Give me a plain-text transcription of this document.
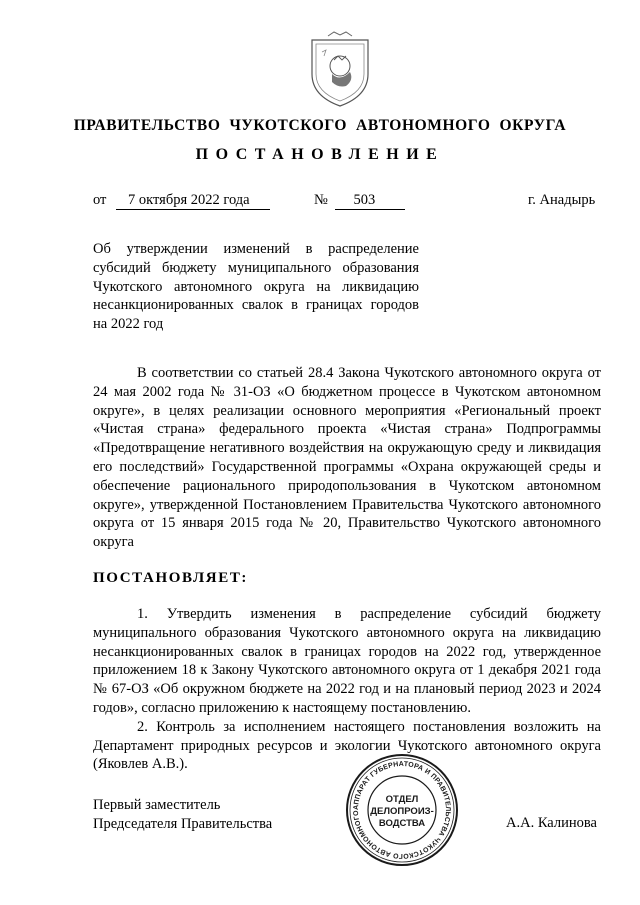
ПРАВИТЕЛЬСТВО  ЧУКОТСКОГО  АВТОНОМНОГО  ОКРУГА
ПОСТАНОВЛЕНИЕ
от 7 октября 2022 года	№ 503	г. Анадырь
Об утверждении изменений в распределение субсидий бюджету муниципального образования Чукотского автономного округа на ликвидацию несанкционированных свалок в границах городов на 2022 год

В соответствии со статьей 28.4 Закона Чукотского автономного округа от 24 мая 2002 года № 31-ОЗ «О бюджетном процессе в Чукотском автономном округе», в целях реализации основного мероприятия «Региональный проект «Чистая страна» федерального проекта «Чистая страна» Подпрограммы «Предотвращение негативного воздействия на окружающую среду и ликвидация его последствий» Государственной программы «Охрана окружающей среды и обеспечение рационального природопользования в Чукотском автономном округе», утвержденной Постановлением Правительства Чукотского автономного округа от 15 января 2015 года № 20, Правительство Чукотского автономного округа

ПОСТАНОВЛЯЕТ:

1. Утвердить изменения в распределение субсидий бюджету муниципального образования Чукотского автономного округа на ликвидацию несанкционированных свалок в границах городов на 2022 год, утвержденное приложением 18 к Закону Чукотского автономного округа от 1 декабря 2021 года № 67-ОЗ «Об окружном бюджете на 2022 год и на плановый период 2023 и 2024 годов», согласно приложению к настоящему постановлению.

2. Контроль за исполнением настоящего постановления возложить на Департамент природных ресурсов и экологии Чукотского автономного округа (Яковлев А.В.).

Первый заместитель
Председателя Правительства	А.А. Калинова
АППАРАТ ГУБЕРНАТОРА И ПРАВИТЕЛЬСТВА ЧУКОТСКОГО АВТОНОМНОГО
ОТДЕЛ
ДЕЛОПРОИЗ-
ВОДСТВА
